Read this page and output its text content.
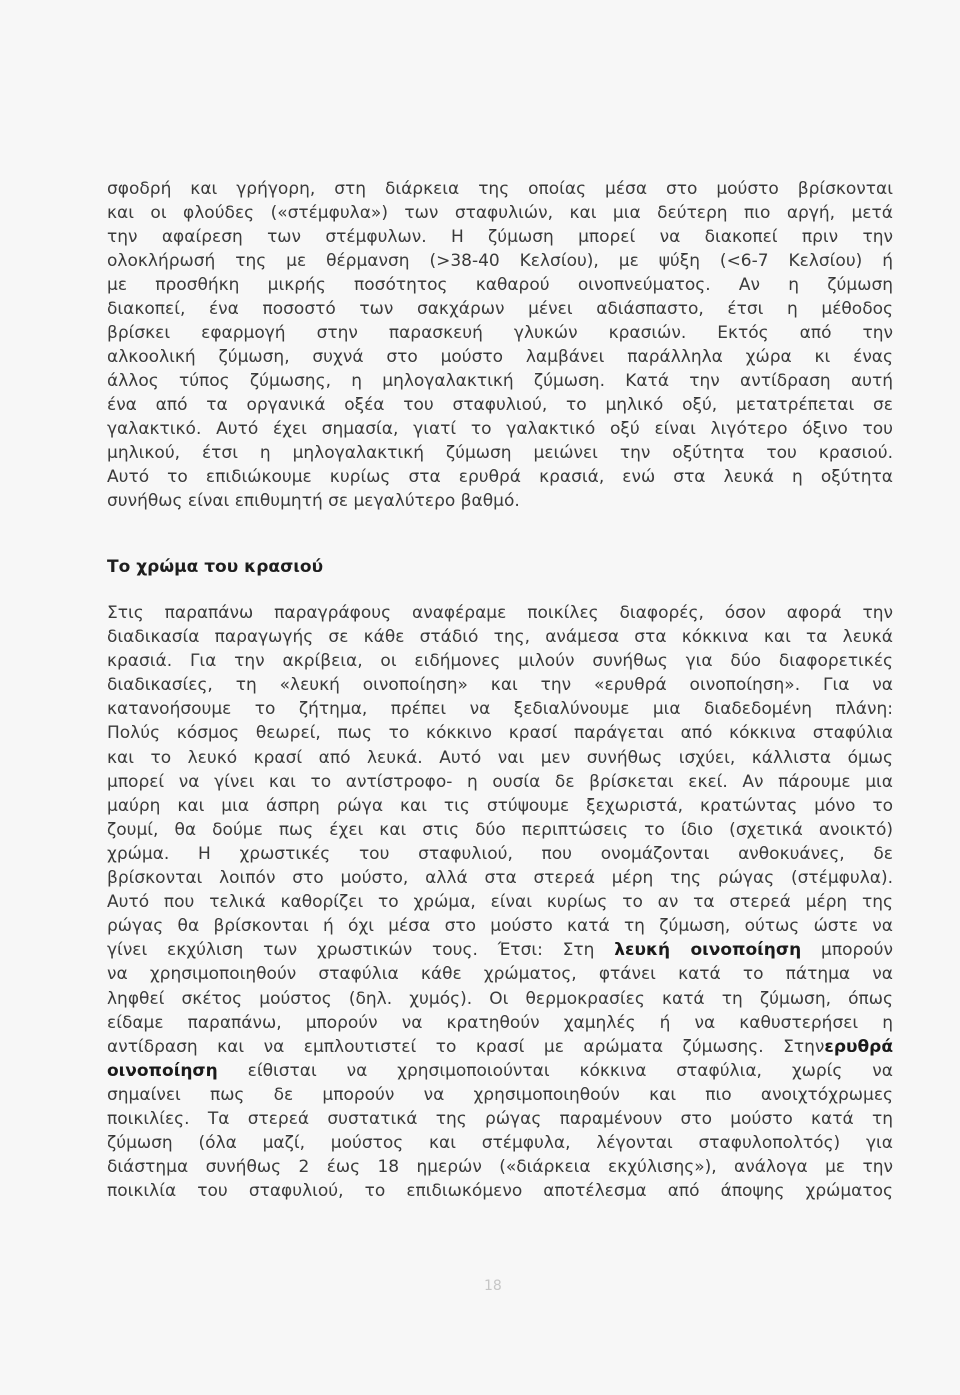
σφοδρή και γρήγορη, στη διάρκεια της οποίας μέσα στο μούστο βρίσκονται
και οι φλούδες («στέμφυλα») των σταφυλιών, και μια δεύτερη πιο αργή, μετά
την αφαίρεση των στέμφυλων. Η ζύμωση μπορεί να διακοπεί πριν την
ολοκλήρωσή της με θέρμανση (>38-40 Κελσίου), με ψύξη (<6-7 Κελσίου) ή
με προσθήκη μικρής ποσότητος καθαρού οινοπνεύματος. Αν η ζύμωση
διακοπεί, ένα ποσοστό των σακχάρων μένει αδιάσπαστο, έτσι η μέθοδος
βρίσκει εφαρμογή στην παρασκευή γλυκών κρασιών. Εκτός από την
αλκοολική ζύμωση, συχνά στο μούστο λαμβάνει παράλληλα χώρα κι ένας
άλλος τύπος ζύμωσης, η μηλογαλακτική ζύμωση. Κατά την αντίδραση αυτή
ένα από τα οργανικά οξέα του σταφυλιού, το μηλικό οξύ, μετατρέπεται σε
γαλακτικό. Αυτό έχει σημασία, γιατί το γαλακτικό οξύ είναι λιγότερο όξινο του
μηλικού, έτσι η μηλογαλακτική ζύμωση μειώνει την οξύτητα του κρασιού.
Αυτό το επιδιώκουμε κυρίως στα ερυθρά κρασιά, ενώ στα λευκά η οξύτητα
συνήθως είναι επιθυμητή σε μεγαλύτερο βαθμό.
Το χρώμα του κρασιού
Στις παραπάνω παραγράφους αναφέραμε ποικίλες διαφορές, όσον αφορά την
διαδικασία παραγωγής σε κάθε στάδιό της, ανάμεσα στα κόκκινα και τα λευκά
κρασιά. Για την ακρίβεια, οι ειδήμονες μιλούν συνήθως για δύο διαφορετικές
διαδικασίες, τη «λευκή οινοποίηση» και την «ερυθρά οινοποίηση». Για να
κατανοήσουμε το ζήτημα, πρέπει να ξεδιαλύνουμε μια διαδεδομένη πλάνη:
Πολύς κόσμος θεωρεί, πως το κόκκινο κρασί παράγεται από κόκκινα σταφύλια
και το λευκό κρασί από λευκά. Αυτό ναι μεν συνήθως ισχύει, κάλλιστα όμως
μπορεί να γίνει και το αντίστροφο- η ουσία δε βρίσκεται εκεί. Αν πάρουμε μια
μαύρη και μια άσπρη ρώγα και τις στύψουμε ξεχωριστά, κρατώντας μόνο το
ζουμί, θα δούμε πως έχει και στις δύο περιπτώσεις το ίδιο (σχετικά ανοικτό)
χρώμα. Η χρωστικές του σταφυλιού, που ονομάζονται ανθοκυάνες, δε
βρίσκονται λοιπόν στο μούστο, αλλά στα στερεά μέρη της ρώγας (στέμφυλα).
Αυτό που τελικά καθορίζει το χρώμα, είναι κυρίως το αν τα στερεά μέρη της
ρώγας θα βρίσκονται ή όχι μέσα στο μούστο κατά τη ζύμωση, ούτως ώστε να
γίνει εκχύλιση των χρωστικών τους. Έτσι: Στη λευκή οινοποίηση μπορούν
να χρησιμοποιηθούν σταφύλια κάθε χρώματος, φτάνει κατά το πάτημα να
ληφθεί σκέτος μούστος (δηλ. χυμός). Οι θερμοκρασίες κατά τη ζύμωση, όπως
είδαμε παραπάνω, μπορούν να κρατηθούν χαμηλές ή να καθυστερήσει η
αντίδραση και να εμπλουτιστεί το κρασί με αρώματα ζύμωσης. Στηνερυθρά
οινοποίηση είθισται να χρησιμοποιούνται κόκκινα σταφύλια, χωρίς να
σημαίνει πως δε μπορούν να χρησιμοποιηθούν και πιο ανοιχτόχρωμες
ποικιλίες. Τα στερεά συστατικά της ρώγας παραμένουν στο μούστο κατά τη
ζύμωση (όλα μαζί, μούστος και στέμφυλα, λέγονται σταφυλοπολτός) για
διάστημα συνήθως 2 έως 18 ημερών («διάρκεια εκχύλισης»), ανάλογα με την
ποικιλία του σταφυλιού, το επιδιωκόμενο αποτέλεσμα από άποψης χρώματος
18
